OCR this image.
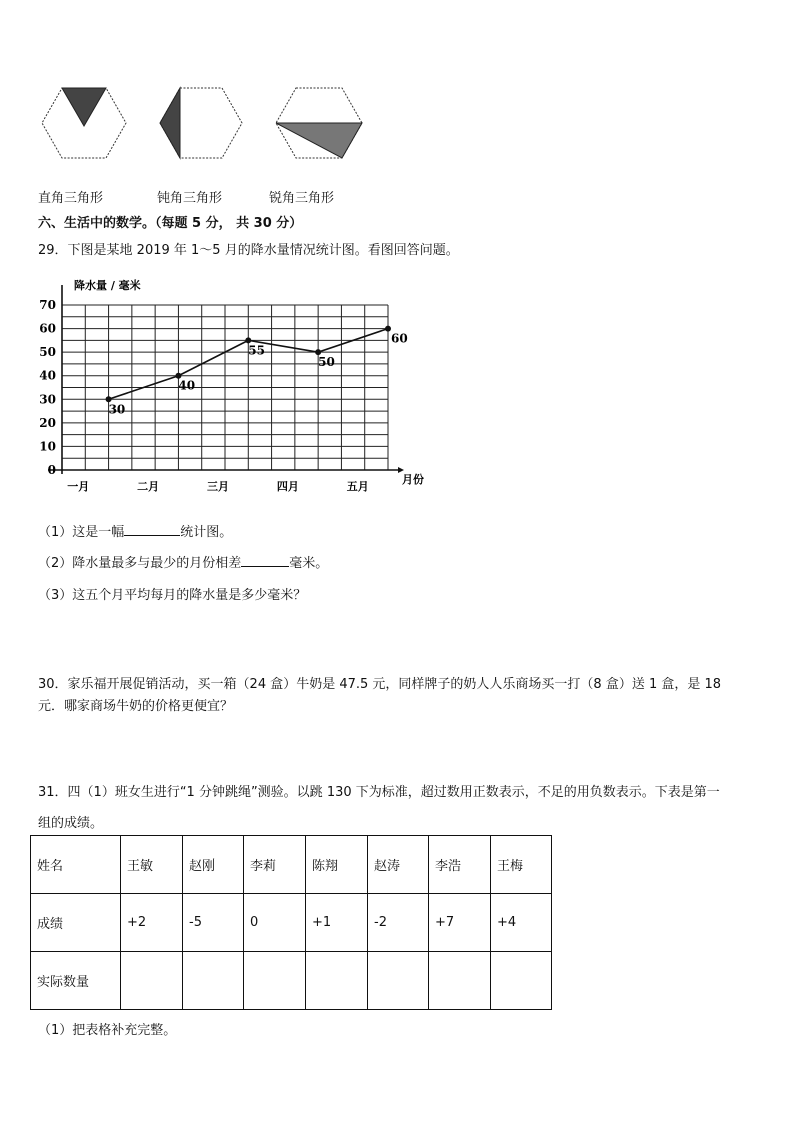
直角三角形	钝角三角形	锐角三角形
六、生活中的数学。（每题 5 分， 共 30 分）
29．下图是某地 2019 年 1～5 月的降水量情况统计图。看图回答问题。
降水量 / 毫米
月份
0
10
20
30
40
50
60
70
一月	二月	三月	四月	五月
30
40
55
50
60
（1）这是一幅	统计图。
（2）降水量最多与最少的月份相差	毫米。
（3）这五个月平均每月的降水量是多少毫米？
30．家乐福开展促销活动，买一箱（24 盒）牛奶是 47.5 元，同样牌子的奶人人乐商场买一打（8 盒）送 1 盒，是 18
元．哪家商场牛奶的价格更便宜？
31．四（1）班女生进行“1 分钟跳绳”测验。以跳 130 下为标准，超过数用正数表示，不足的用负数表示。下表是第一
组的成绩。
姓名	王敏	赵刚	李莉	陈翔	赵涛	李浩	王梅
成绩	+2	-5	0	+1	-2	+7	+4
实际数量							
（1）把表格补充完整。
